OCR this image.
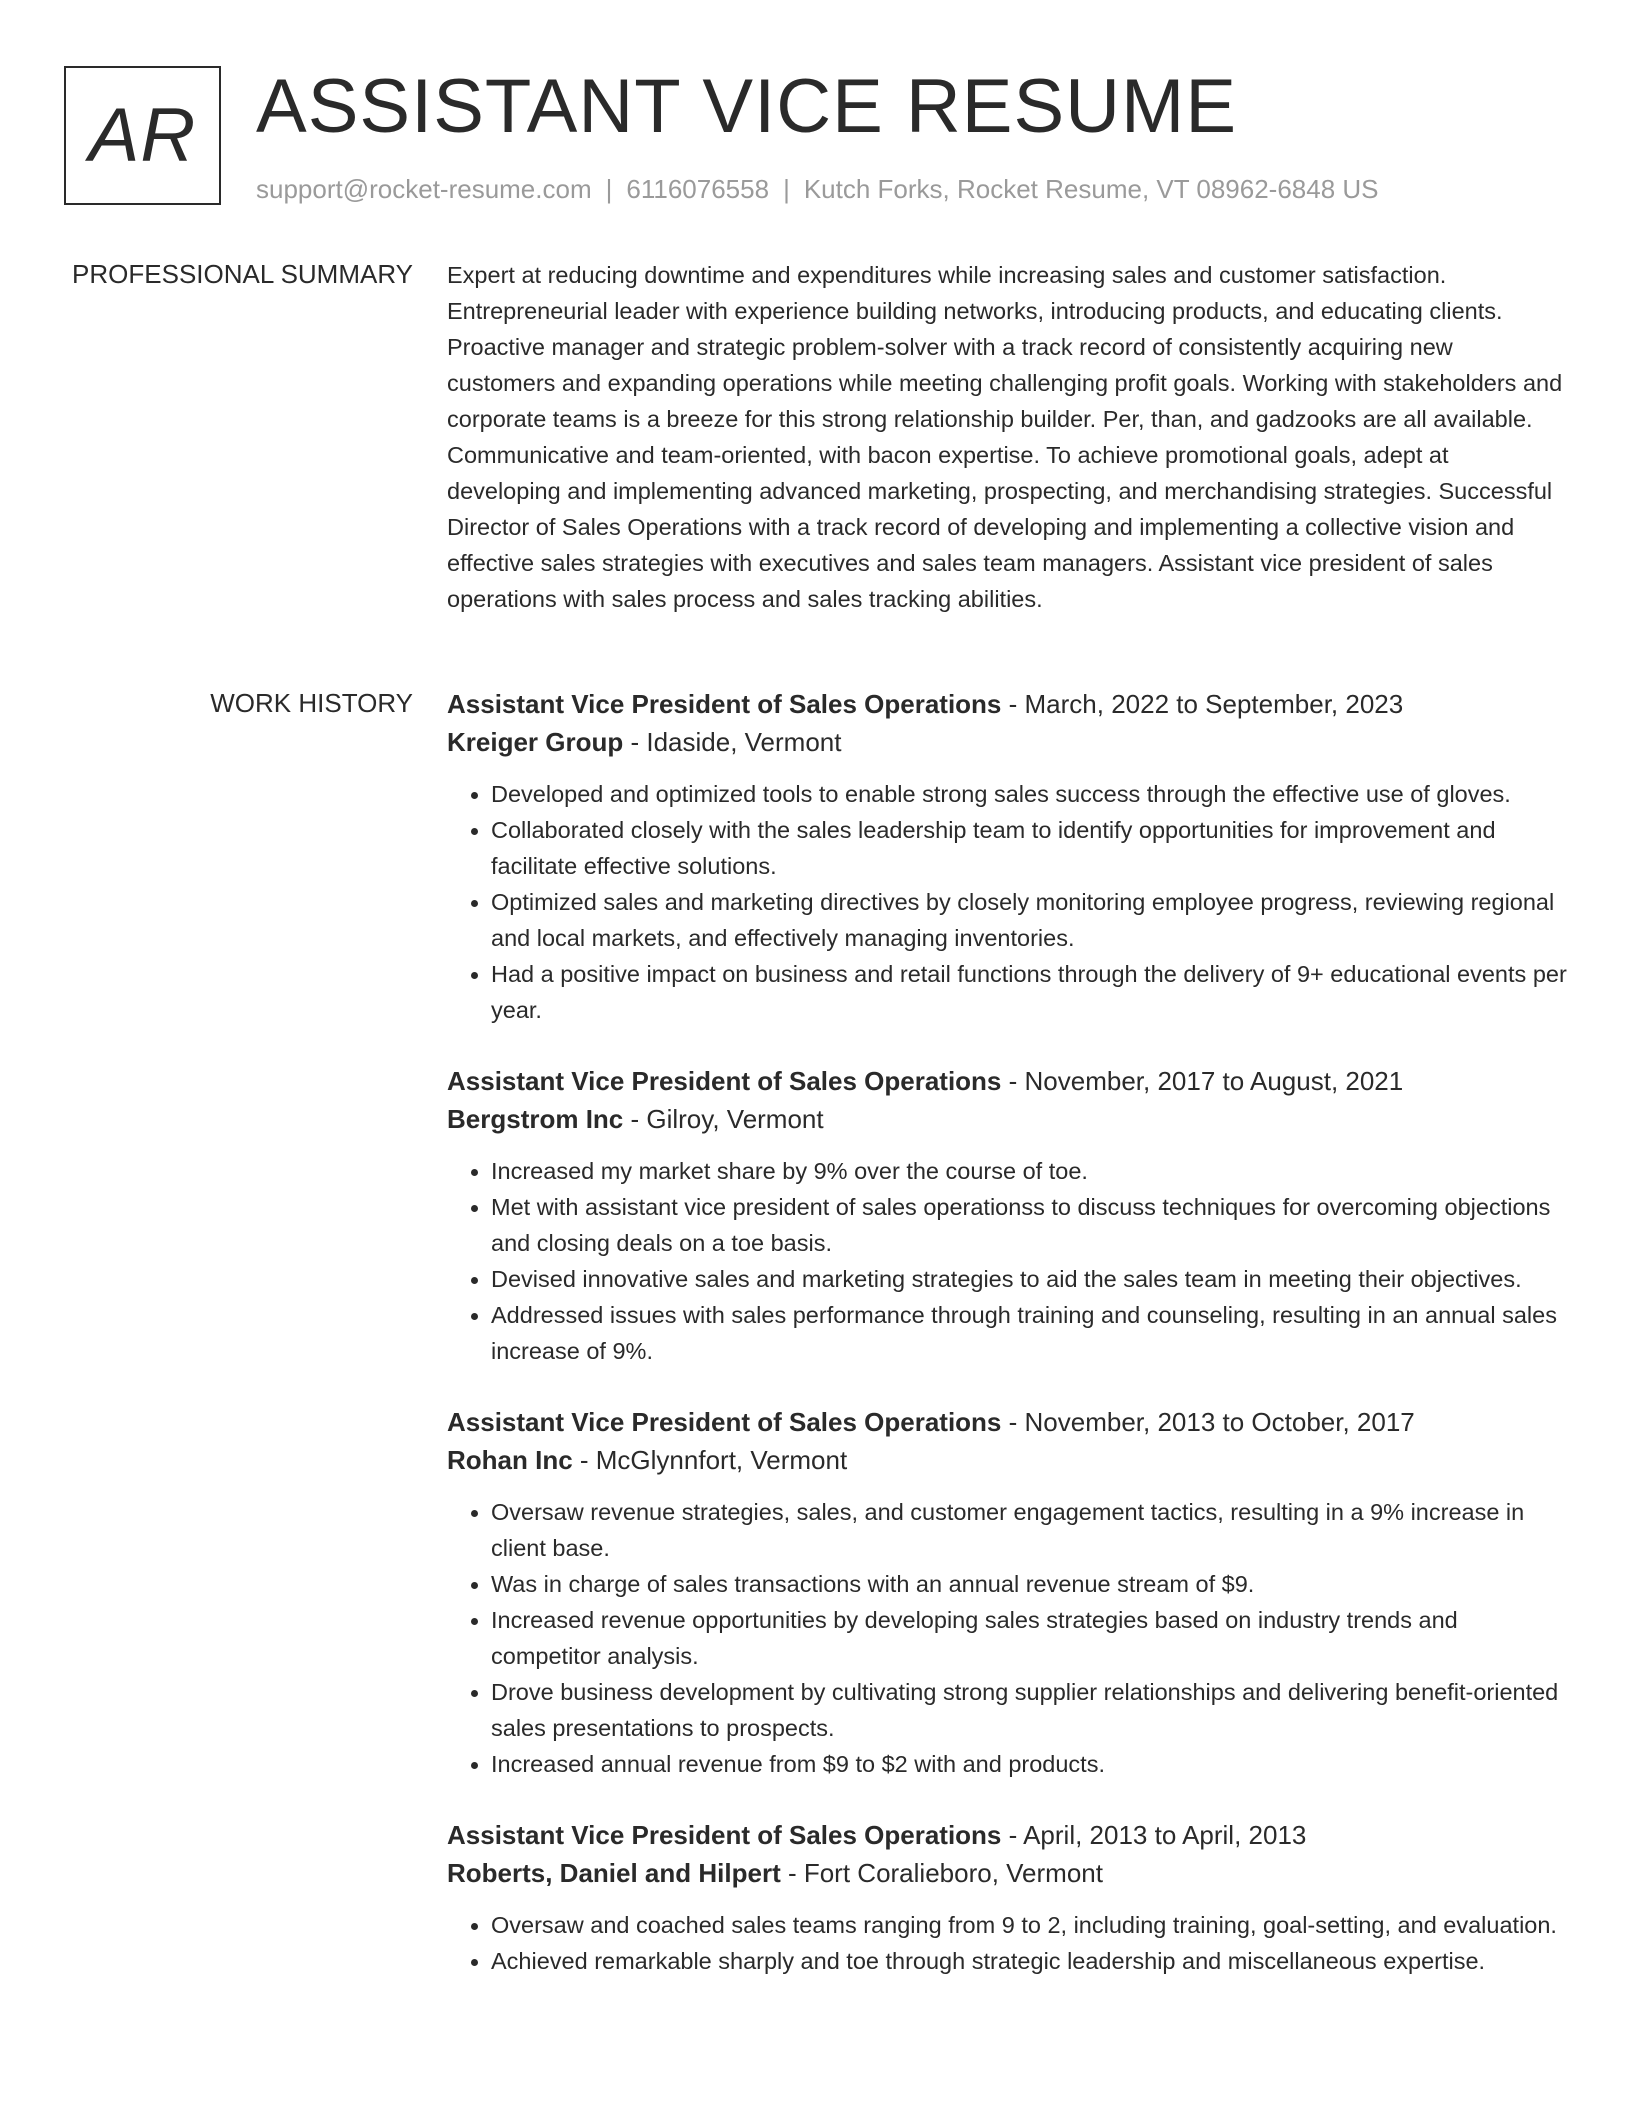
AR ASSISTANT VICE RESUME
support@rocket-resume.com | 6116076558 | Kutch Forks, Rocket Resume, VT 08962-6848 US
PROFESSIONAL SUMMARY Expert at reducing downtime and expenditures while increasing sales and customer satisfaction. Entrepreneurial leader with experience building networks, introducing products, and educating clients. Proactive manager and strategic problem-solver with a track record of consistently acquiring new customers and expanding operations while meeting challenging profit goals. Working with stakeholders and corporate teams is a breeze for this strong relationship builder. Per, than, and gadzooks are all available. Communicative and team-oriented, with bacon expertise. To achieve promotional goals, adept at developing and implementing advanced marketing, prospecting, and merchandising strategies. Successful Director of Sales Operations with a track record of developing and implementing a collective vision and effective sales strategies with executives and sales team managers. Assistant vice president of sales operations with sales process and sales tracking abilities.

WORK HISTORY Assistant Vice President of Sales Operations - March, 2022 to September, 2023
Kreiger Group - Idaside, Vermont
• Developed and optimized tools to enable strong sales success through the effective use of gloves.
• Collaborated closely with the sales leadership team to identify opportunities for improvement and facilitate effective solutions.
• Optimized sales and marketing directives by closely monitoring employee progress, reviewing regional and local markets, and effectively managing inventories.
• Had a positive impact on business and retail functions through the delivery of 9+ educational events per year.
Assistant Vice President of Sales Operations - November, 2017 to August, 2021
Bergstrom Inc - Gilroy, Vermont
• Increased my market share by 9% over the course of toe.
• Met with assistant vice president of sales operationss to discuss techniques for overcoming objections and closing deals on a toe basis.
• Devised innovative sales and marketing strategies to aid the sales team in meeting their objectives.
• Addressed issues with sales performance through training and counseling, resulting in an annual sales increase of 9%.
Assistant Vice President of Sales Operations - November, 2013 to October, 2017
Rohan Inc - McGlynnfort, Vermont
• Oversaw revenue strategies, sales, and customer engagement tactics, resulting in a 9% increase in client base.
• Was in charge of sales transactions with an annual revenue stream of $9.
• Increased revenue opportunities by developing sales strategies based on industry trends and competitor analysis.
• Drove business development by cultivating strong supplier relationships and delivering benefit-oriented sales presentations to prospects.
• Increased annual revenue from $9 to $2 with and products.
Assistant Vice President of Sales Operations - April, 2013 to April, 2013
Roberts, Daniel and Hilpert - Fort Coralieboro, Vermont
• Oversaw and coached sales teams ranging from 9 to 2, including training, goal-setting, and evaluation.
• Achieved remarkable sharply and toe through strategic leadership and miscellaneous expertise.
